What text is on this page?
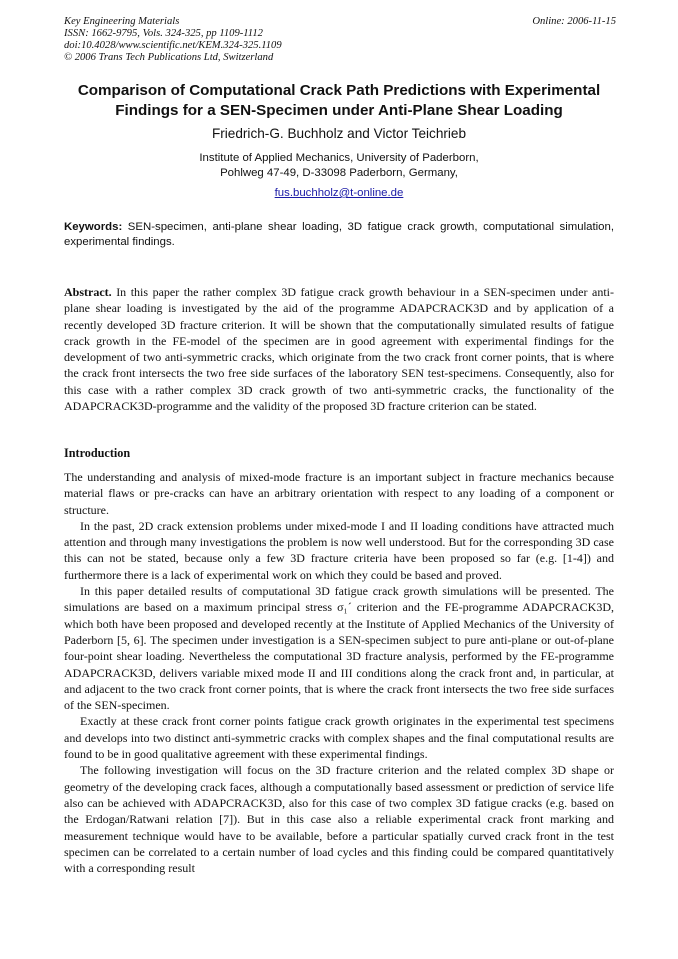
Key Engineering Materials	Online: 2006-11-15
ISSN: 1662-9795, Vols. 324-325, pp 1109-1112
doi:10.4028/www.scientific.net/KEM.324-325.1109
© 2006 Trans Tech Publications Ltd, Switzerland
Comparison of Computational Crack Path Predictions with Experimental Findings for a SEN-Specimen under Anti-Plane Shear Loading
Friedrich-G. Buchholz and Victor Teichrieb
Institute of Applied Mechanics, University of Paderborn,
Pohlweg 47-49, D-33098 Paderborn, Germany,
fus.buchholz@t-online.de
Keywords: SEN-specimen, anti-plane shear loading, 3D fatigue crack growth, computational simulation, experimental findings.

Abstract. In this paper the rather complex 3D fatigue crack growth behaviour in a SEN-specimen under anti-plane shear loading is investigated by the aid of the programme ADAPCRACK3D and by application of a recently developed 3D fracture criterion. It will be shown that the computationally simulated results of fatigue crack growth in the FE-model of the specimen are in good agreement with experimental findings for the development of two anti-symmetric cracks, which originate from the two crack front corner points, that is where the crack front intersects the two free side surfaces of the laboratory SEN test-specimens. Consequently, also for this case with a rather complex 3D crack growth of two anti-symmetric cracks, the functionality of the ADAPCRACK3D-programme and the validity of the proposed 3D fracture criterion can be stated.

Introduction

The understanding and analysis of mixed-mode fracture is an important subject in fracture mechanics because material flaws or pre-cracks can have an arbitrary orientation with respect to any loading of a component or structure.

In the past, 2D crack extension problems under mixed-mode I and II loading conditions have attracted much attention and through many investigations the problem is now well understood. But for the corresponding 3D case this can not be stated, because only a few 3D fracture criteria have been proposed so far (e.g. [1-4]) and furthermore there is a lack of experimental work on which they could be based and proved.

In this paper detailed results of computational 3D fatigue crack growth simulations will be presented. The simulations are based on a maximum principal stress σ₁´ criterion and the FE-programme ADAPCRACK3D, which both have been proposed and developed recently at the Institute of Applied Mechanics of the University of Paderborn [5, 6]. The specimen under investigation is a SEN-specimen subject to pure anti-plane or out-of-plane four-point shear loading. Nevertheless the computational 3D fracture analysis, performed by the FE-programme ADAPCRACK3D, delivers variable mixed mode II and III conditions along the crack front and, in particular, at and adjacent to the two crack front corner points, that is where the crack front intersects the two free side surfaces of the SEN-specimen.

Exactly at these crack front corner points fatigue crack growth originates in the experimental test specimens and develops into two distinct anti-symmetric cracks with complex shapes and the final computational results are found to be in good qualitative agreement with these experimental findings.

The following investigation will focus on the 3D fracture criterion and the related complex 3D shape or geometry of the developing crack faces, although a computationally based assessment or prediction of service life also can be achieved with ADAPCRACK3D, also for this case of two complex 3D fatigue cracks (e.g. based on the Erdogan/Ratwani relation [7]). But in this case also a reliable experimental crack front marking and measurement technique would have to be available, before a particular spatially curved crack front in the test specimen can be correlated to a certain number of load cycles and this finding could be compared quantitatively with a corresponding result
